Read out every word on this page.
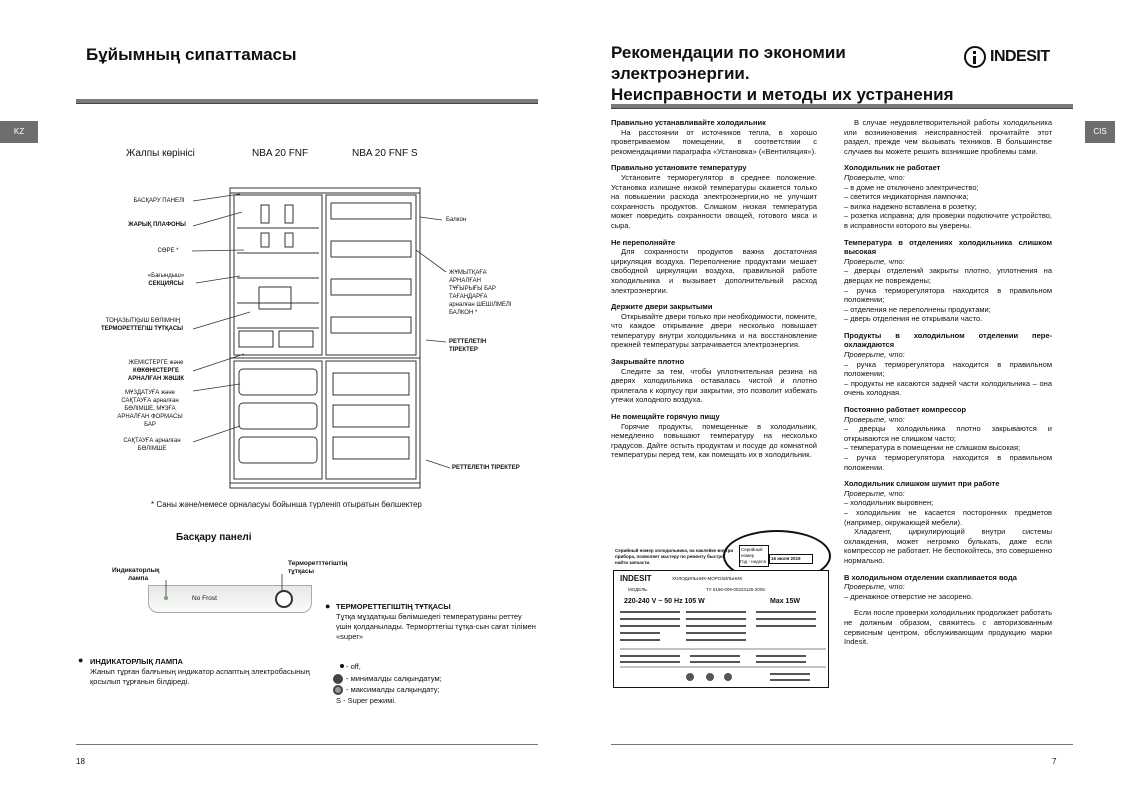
Бұйымның сипаттамасы
KZ
Жалпы көрінісі	NBA 20 FNF	NBA 20 FNF S
БАСҚАРУ ПАНЕЛІ
ЖАРЫҚ ПЛАФОНЫ
СӨРЕ *
«Бағындыш»
СЕКЦИЯСЫ
ТОҢАЗЫТҚЫШ БӨЛІМНІҢ
ТЕРМОРЕТТЕГІШ ТҰТҚАСЫ
ЖЕМІСТЕРГЕ және
КӨКӨНІСТЕРГЕ АРНАЛҒАН ЖӘШІК
МҰЗДАТУҒА және
САҚТАУҒА арналған
БӨЛІМШЕ, МҰЗҒА
АРНАЛҒАН ФОРМАСЫ
БАР
САҚТАУҒА арналған
БӨЛІМШЕ
Балкон
ЖҰМЫТҚАҒА
АРНАЛҒАН
ТҰҒЫРЫҒЫ БАР
ТАҒАНДАРҒА
арналған ШЕШІЛМЕЛІ
БАЛКОН *
РЕТТЕЛЕТІН
ТІРЕКТЕР
РЕТТЕЛЕТІН ТІРЕКТЕР
* Саны және/немесе орналасуы бойынша түрленіп отыратын бөлшектер
Басқару панелі
Индикаторлық
лампа
Терморетттегіштің
тұтқасы
No Frost
● ТЕРМОРЕТТЕГІШТІҢ ТҰТҚАСЫ
Тұтқа мұздатқыш бөлімшедегі температураны реттеу үшін қолданылады. Терморттегіш тұтқа-сын сағат тілімен «super»
● ИНДИКАТОРЛЫҚ ЛАМПА
Жанып тұрған балғының индикатор аспаптың электробасының қосылып тұрғанын білдіреді.
- off,
- минималды салқындатум;
- максималды салқындату;
S - Super режимі.
18
Рекомендации по экономии
электроэнергии.
Неисправности и методы их устранения
INDESIT
CIS

Правильно устанавливайте холодильник

На расстоянии от источников тепла, в хорошо проветриваемом помещении, в соответствии с рекомендациями параграфа «Установка» («Вентиляция»).

Правильно установите температуру

Установите терморегулятор в среднее положение. Установка излишне низкой температуры скажется только на повышении расхода электроэнергии,но не улучшит сохранность продуктов. Слишком низкая температура может повредить сохранности овощей, готового мяса и сыра.

Не переполняйте

Для сохранности продуктов важна достаточная циркуляция воздуха. Переполнение продуктами мешает свободной циркуляции воздуха, правильной работе холодильника и вызывает дополнительный расход электроэнергии.

Держите двери закрытыми

Открывайте двери только при необходимости, помните, что каждое открывание двери несколько повышает температуру внутри холодильника и на восстановление прежней температуры затрачивается электроэнергия.

Закрывайте плотно

Следите за тем, чтобы уплотнительная резина на дверях холодильника оставалась чистой и плотно прилегала к корпусу при закрытии, это позволит избежать утечки холодного воздуха.

Не помещайте горячую пищу

Горячие продукты, помещенные в холодильник, немедленно повышают температуру на несколько градусов. Дайте остыть продуктам и посуде до комнатной температуры перед тем, как помещать их в холодильник.

Серийный номер холодильника, на наклейке внутри прибора, позволяет мастеру по ремонту быстро найти запчасти.
Серийный номер
Год - неделя
16 июля 2019
INDESIT	ХОЛОДИЛЬНИК-МОРОЗИЛЬНИК
МОДЕЛЬ	ТУ 5156-009-00223125-2006
220-240 V ~ 50 Hz 105 W	Max 15W

В случае неудовлетворительной работы холодильника или возникновения неисправностей прочитайте этот раздел, прежде чем вызывать техников. В большинстве случаев вы можете решить возникшие проблемы сами.

Холодильник не работает

Проверьте, что:

– в доме не отключено электричество;

– светится индикаторная лампочка;

– вилка надежно вставлена в розетку;

– розетка исправна; для проверки подключите устройство, в исправности которого вы уверены.

Температура в отделениях холодильника слишком высокая

Проверьте, что:

– дверцы отделений закрыты плотно, уплотнения на дверцах не повреждены;

– ручка терморегулятора находится в правильном положении;

– отделения не переполнены продуктами;

– дверь отделения не открывали часто.

Продукты в холодильном отделении пере-охлаждаются

Проверьте, что:

– ручка терморегулятора находится в правильном положении;

– продукты не касаются задней части холодильника – она очень холодная.

Постоянно работает компрессор

Проверьте, что:

– дверцы холодильника плотно закрываются и открываются не слишком часто;

– температура в помещении не слишком высокая;

– ручка терморегулятора находится в правильном положении.

Холодильник слишком шумит при работе

Проверьте, что:

– холодильник выровнен;

– холодильник не касается посторонних предметов (например, окружающей мебели).

Хладагент, циркулирующий внутри системы охлаждения, может негромко булькать, даже если компрессор не работает. Не беспокойтесь, это совершенно нормально.

В холодильном отделении скапливается вода

Проверьте, что:

– дренажное отверстие не засорено.

Если после проверки холодильник продолжает работать не должным образом, свяжитесь с авторизованным сервисным центром, обслуживающим продукцию марки Indesit.

7
